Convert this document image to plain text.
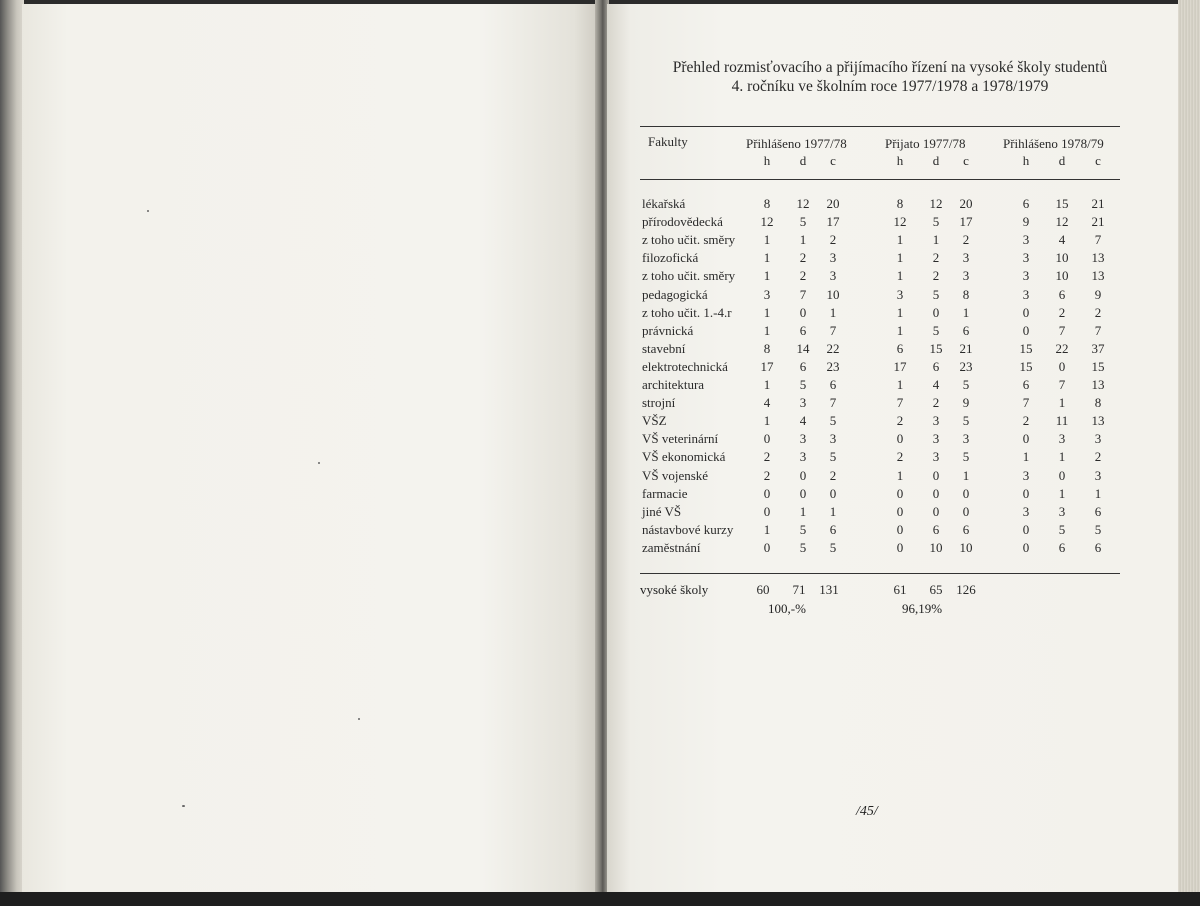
Přehled rozmisťovacího a přijímacího řízení na vysoké školy studentů
4. ročníku ve školním roce 1977/1978 a 1978/1979
Fakulty	Přihlášeno 1977/78	Přijato 1977/78	Přihlášeno 1978/79
h	d	c	h	d	c	h	d	c
lékařská	8	12	20	8	12	20	6	15	21
přírodovědecká	12	5	17	12	5	17	9	12	21
z toho učit. směry	1	1	2	1	1	2	3	4	7
filozofická	1	2	3	1	2	3	3	10	13
z toho učit. směry	1	2	3	1	2	3	3	10	13
pedagogická	3	7	10	3	5	8	3	6	9
z toho učit. 1.-4.r	1	0	1	1	0	1	0	2	2
právnická	1	6	7	1	5	6	0	7	7
stavební	8	14	22	6	15	21	15	22	37
elektrotechnická	17	6	23	17	6	23	15	0	15
architektura	1	5	6	1	4	5	6	7	13
strojní	4	3	7	7	2	9	7	1	8
VŠZ	1	4	5	2	3	5	2	11	13
VŠ veterinární	0	3	3	0	3	3	0	3	3
VŠ ekonomická	2	3	5	2	3	5	1	1	2
VŠ vojenské	2	0	2	1	0	1	3	0	3
farmacie	0	0	0	0	0	0	0	1	1
jiné VŠ	0	1	1	0	0	0	3	3	6
nástavbové kurzy	1	5	6	0	6	6	0	5	5
zaměstnání	0	5	5	0	10	10	0	6	6
vysoké školy	60	71	131	61	65	126
100,-%	96,19%
/45/
